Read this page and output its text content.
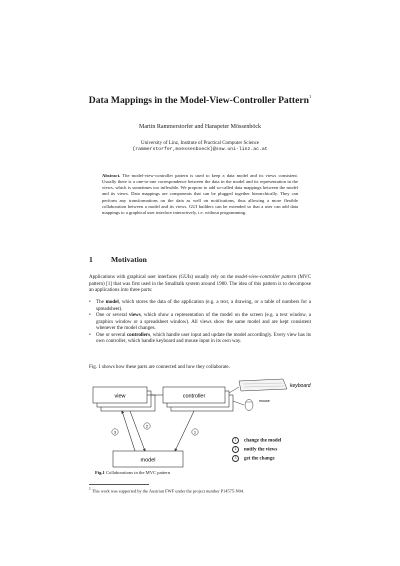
Data Mappings in the Model-View-Controller Pattern$^1$
Martin Rammerstorfer and Hanspeter Mössenböck
University of Linz, Institute of Practical Computer Science
{rammerstorfer,moessenboeck}@ssw.uni-linz.ac.at
Abstract. The model-view-controller pattern is used to keep a data model and its views consistent. Usually there is a one-to-one correspondence between the data in the model and its representation in the views, which is sometimes too inflexible. We propose to add so-called data mappings between the model and its views. Data mappings are components that can be plugged together hierarchically. They can perform any transformations on the data as well on notifications, thus allowing a more flexible collaboration between a model and its views. GUI builders can be extended so that a user can add data mappings to a graphical user interface interactively, i.e. without programming.
1 Motivation
Applications with graphical user interfaces (GUIs) usually rely on the model-view-controller pattern (MVC pattern) [1] that was first used in the Smalltalk system around 1980. The idea of this pattern is to decompose an applications into three parts:
• The model, which stores the data of the application (e.g. a text, a drawing, or a table of numbers for a spreadsheet).
• One or several views, which show a representation of the model on the screen (e.g. a text window, a graphics window or a spreadsheet window). All views show the same model and are kept consistent whenever the model changes.
• One or several controllers, which handle user input and update the model accordingly. Every view has its own controller, which handle keyboard and mouse input in its own way.
Fig. 1 shows how these parts are connected and how they collaborate.
view	controller
model
3
2
1
keyboard
mouse
1 change the model
2 notify the views
3 get the change
Fig.1 Collaborations in the MVC pattern
$^1$ This work was supported by the Austrian FWF under the project number P14575-N04.
